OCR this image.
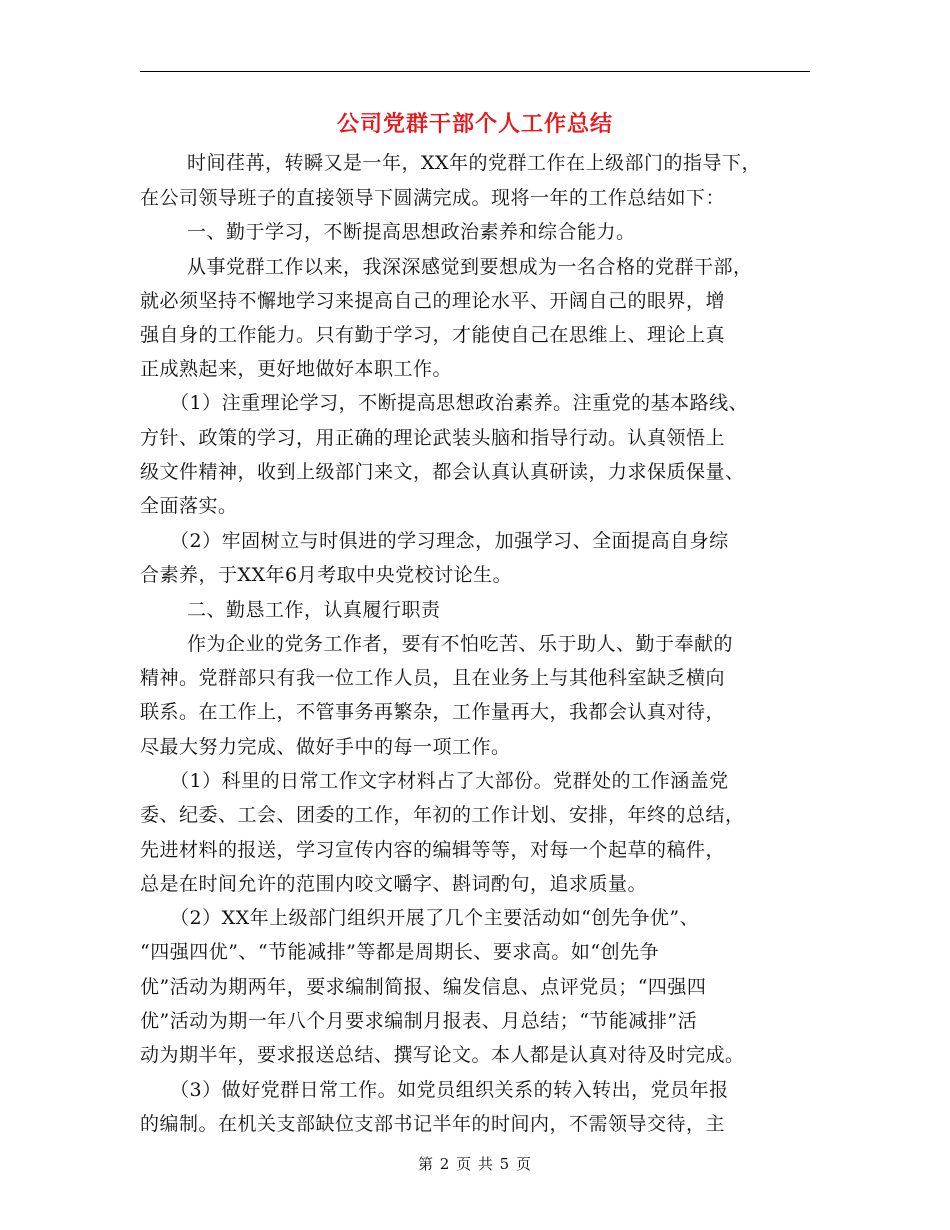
公司党群干部个人工作总结
时间荏苒，转瞬又是一年，XX年的党群工作在上级部门的指导下，
在公司领导班子的直接领导下圆满完成。现将一年的工作总结如下：
一、勤于学习，不断提高思想政治素养和综合能力。
从事党群工作以来，我深深感觉到要想成为一名合格的党群干部，
就必须坚持不懈地学习来提高自己的理论水平、开阔自己的眼界，增
强自身的工作能力。只有勤于学习，才能使自己在思维上、理论上真
正成熟起来，更好地做好本职工作。
（1）注重理论学习，不断提高思想政治素养。注重党的基本路线、
方针、政策的学习，用正确的理论武装头脑和指导行动。认真领悟上
级文件精神，收到上级部门来文，都会认真认真研读，力求保质保量、
全面落实。
（2）牢固树立与时俱进的学习理念，加强学习、全面提高自身综
合素养，于XX年6月考取中央党校讨论生。
二、勤恳工作，认真履行职责
作为企业的党务工作者，要有不怕吃苦、乐于助人、勤于奉献的
精神。党群部只有我一位工作人员，且在业务上与其他科室缺乏横向
联系。在工作上，不管事务再繁杂，工作量再大，我都会认真对待，
尽最大努力完成、做好手中的每一项工作。
（1）科里的日常工作文字材料占了大部份。党群处的工作涵盖党
委、纪委、工会、团委的工作，年初的工作计划、安排，年终的总结，
先进材料的报送，学习宣传内容的编辑等等，对每一个起草的稿件，
总是在时间允许的范围内咬文嚼字、斟词酌句，追求质量。
（2）XX年上级部门组织开展了几个主要活动如“创先争优”、
“四强四优”、“节能减排”等都是周期长、要求高。如“创先争
优”活动为期两年，要求编制简报、编发信息、点评党员；“四强四
优”活动为期一年八个月要求编制月报表、月总结；“节能减排”活
动为期半年，要求报送总结、撰写论文。本人都是认真对待及时完成。
（3）做好党群日常工作。如党员组织关系的转入转出，党员年报
的编制。在机关支部缺位支部书记半年的时间内，不需领导交待，主
第 2 页 共 5 页
